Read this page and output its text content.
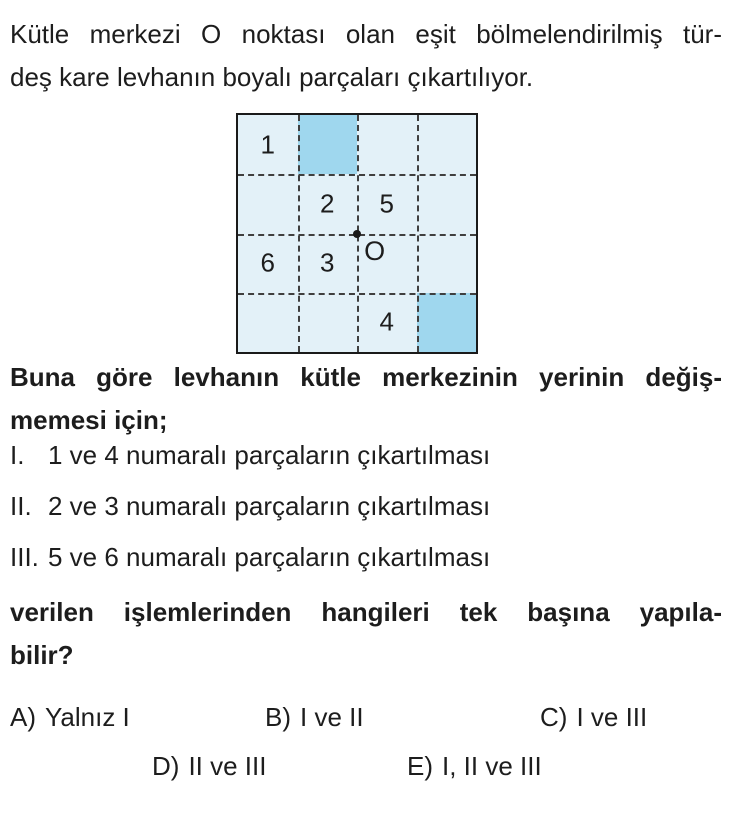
Kütle merkezi O noktası olan eşit bölmelendirilmiş tür-
deş kare levhanın boyalı parçaları çıkartılıyor.
O
1
2 5
6 3
4
Buna göre levhanın kütle merkezinin yerinin değiş-
memesi için;
I. 1 ve 4 numaralı parçaların çıkartılması
II. 2 ve 3 numaralı parçaların çıkartılması
III. 5 ve 6 numaralı parçaların çıkartılması
verilen işlemlerinden hangileri tek başına yapıla-
bilir?
A) Yalnız I	B) I ve II	C) I ve III
D) II ve III	E) I, II ve III
